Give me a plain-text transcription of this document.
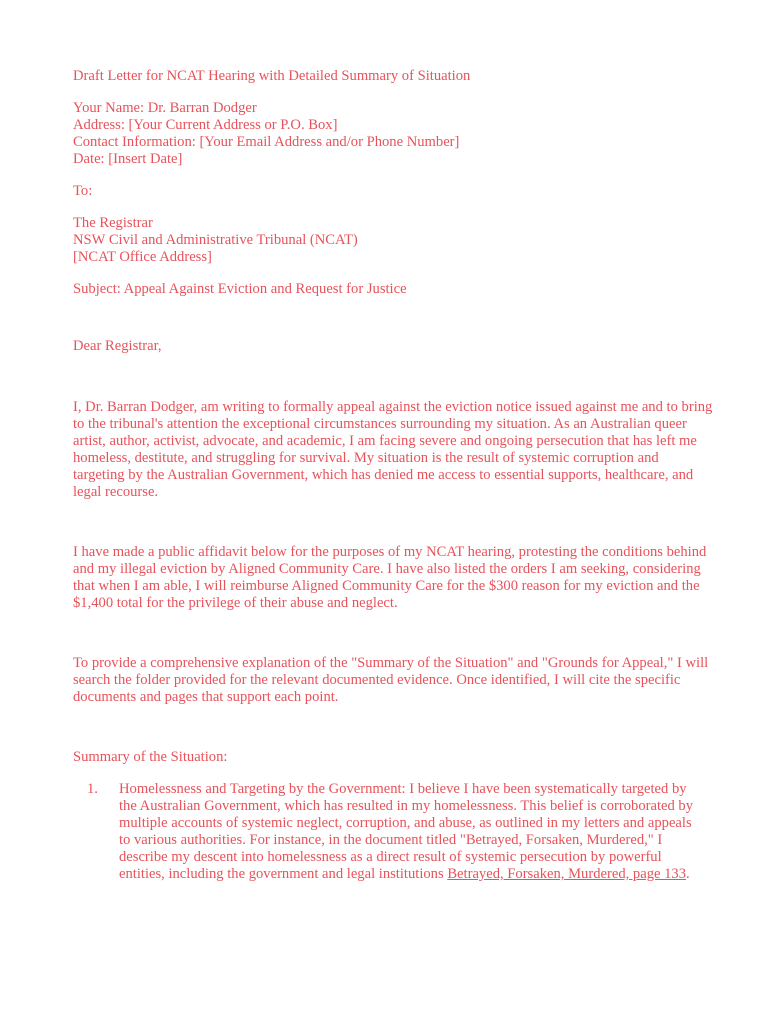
Draft Letter for NCAT Hearing with Detailed Summary of Situation

Your Name: Dr. Barran Dodger
Address: [Your Current Address or P.O. Box]
Contact Information: [Your Email Address and/or Phone Number]
Date: [Insert Date]

To:

The Registrar
NSW Civil and Administrative Tribunal (NCAT)
[NCAT Office Address]

Subject: Appeal Against Eviction and Request for Justice

Dear Registrar,

I, Dr. Barran Dodger, am writing to formally appeal against the eviction notice issued against me and to bring to the tribunal's attention the exceptional circumstances surrounding my situation. As an Australian queer artist, author, activist, advocate, and academic, I am facing severe and ongoing persecution that has left me homeless, destitute, and struggling for survival. My situation is the result of systemic corruption and targeting by the Australian Government, which has denied me access to essential supports, healthcare, and legal recourse.

I have made a public affidavit below for the purposes of my NCAT hearing, protesting the conditions behind and my illegal eviction by Aligned Community Care. I have also listed the orders I am seeking, considering that when I am able, I will reimburse Aligned Community Care for the $300 reason for my eviction and the $1,400 total for the privilege of their abuse and neglect.

To provide a comprehensive explanation of the "Summary of the Situation" and "Grounds for Appeal," I will search the folder provided for the relevant documented evidence. Once identified, I will cite the specific documents and pages that support each point.

Summary of the Situation:

1. Homelessness and Targeting by the Government: I believe I have been systematically targeted by the Australian Government, which has resulted in my homelessness. This belief is corroborated by multiple accounts of systemic neglect, corruption, and abuse, as outlined in my letters and appeals to various authorities. For instance, in the document titled "Betrayed, Forsaken, Murdered," I describe my descent into homelessness as a direct result of systemic persecution by powerful entities, including the government and legal institutions Betrayed, Forsaken, Murdered, page 133.
